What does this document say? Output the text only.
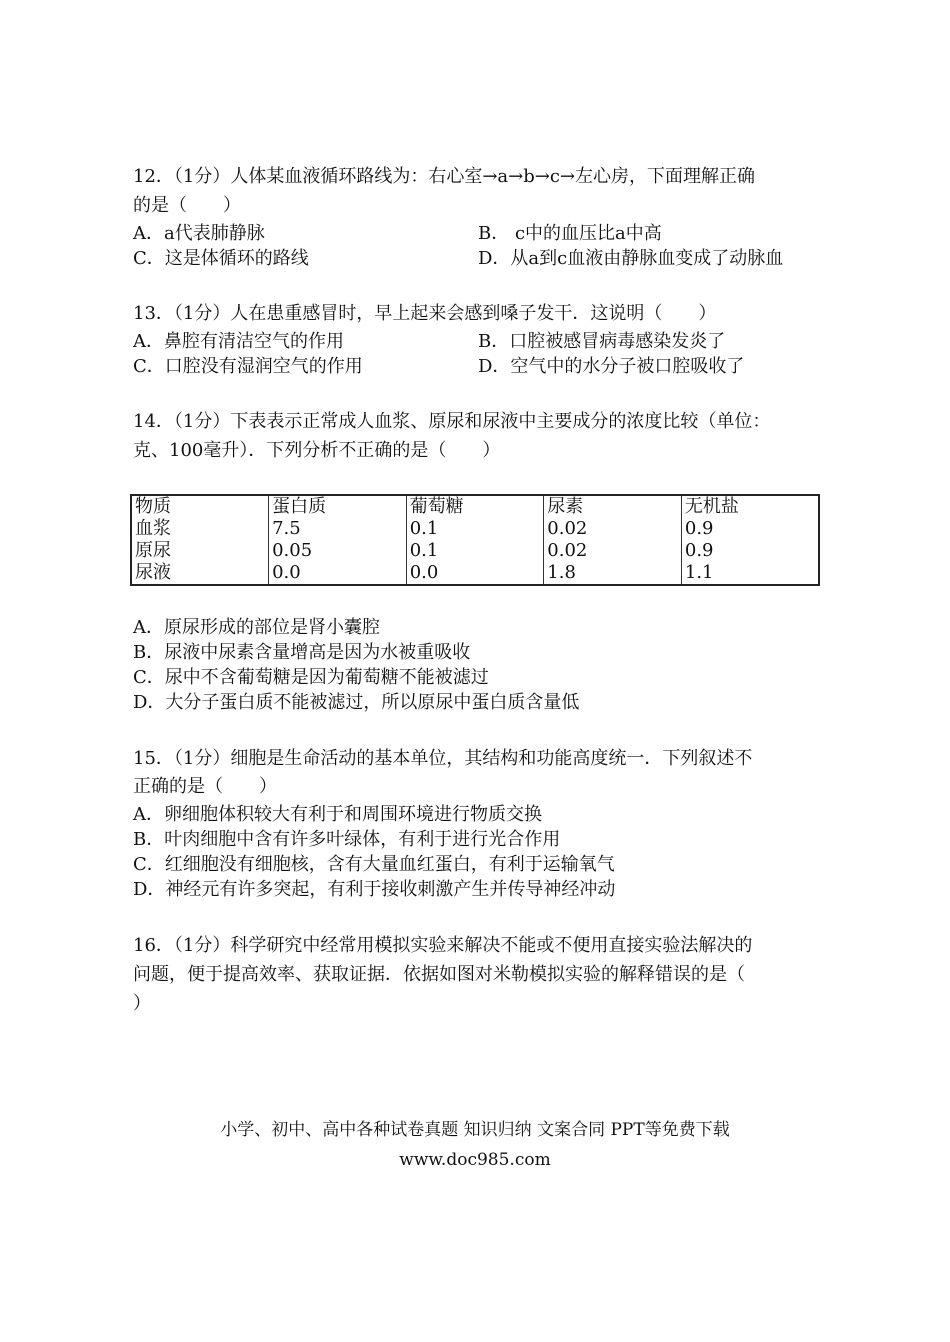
12．（1分）人体某血液循环路线为：右心室→a→b→c→左心房，下面理解正确
的是（　　）
A．a代表肺静脉	B． c中的血压比a中高
C．这是体循环的路线	D．从a到c血液由静脉血变成了动脉血
13．（1分）人在患重感冒时，早上起来会感到嗓子发干．这说明（　　）
A．鼻腔有清洁空气的作用	B．口腔被感冒病毒感染发炎了
C．口腔没有湿润空气的作用	D．空气中的水分子被口腔吸收了
14．（1分）下表表示正常成人血浆、原尿和尿液中主要成分的浓度比较（单位：
克、100毫升）．下列分析不正确的是（　　）
物质	蛋白质	葡萄糖	尿素	无机盐
血浆	7.5	0.1	0.02	0.9
原尿	0.05	0.1	0.02	0.9
尿液	0.0	0.0	1.8	1.1
A．原尿形成的部位是肾小囊腔
B．尿液中尿素含量增高是因为水被重吸收
C．尿中不含葡萄糖是因为葡萄糖不能被滤过
D．大分子蛋白质不能被滤过，所以原尿中蛋白质含量低
15．（1分）细胞是生命活动的基本单位，其结构和功能高度统一．下列叙述不
正确的是（　　）
A．卵细胞体积较大有利于和周围环境进行物质交换
B．叶肉细胞中含有许多叶绿体，有利于进行光合作用
C．红细胞没有细胞核，含有大量血红蛋白，有利于运输氧气
D．神经元有许多突起，有利于接收刺激产生并传导神经冲动
16．（1分）科学研究中经常用模拟实验来解决不能或不便用直接实验法解决的
问题，便于提高效率、获取证据．依据如图对米勒模拟实验的解释错误的是（
）
小学、初中、高中各种试卷真题 知识归纳 文案合同 PPT等免费下载
www.doc985.com
